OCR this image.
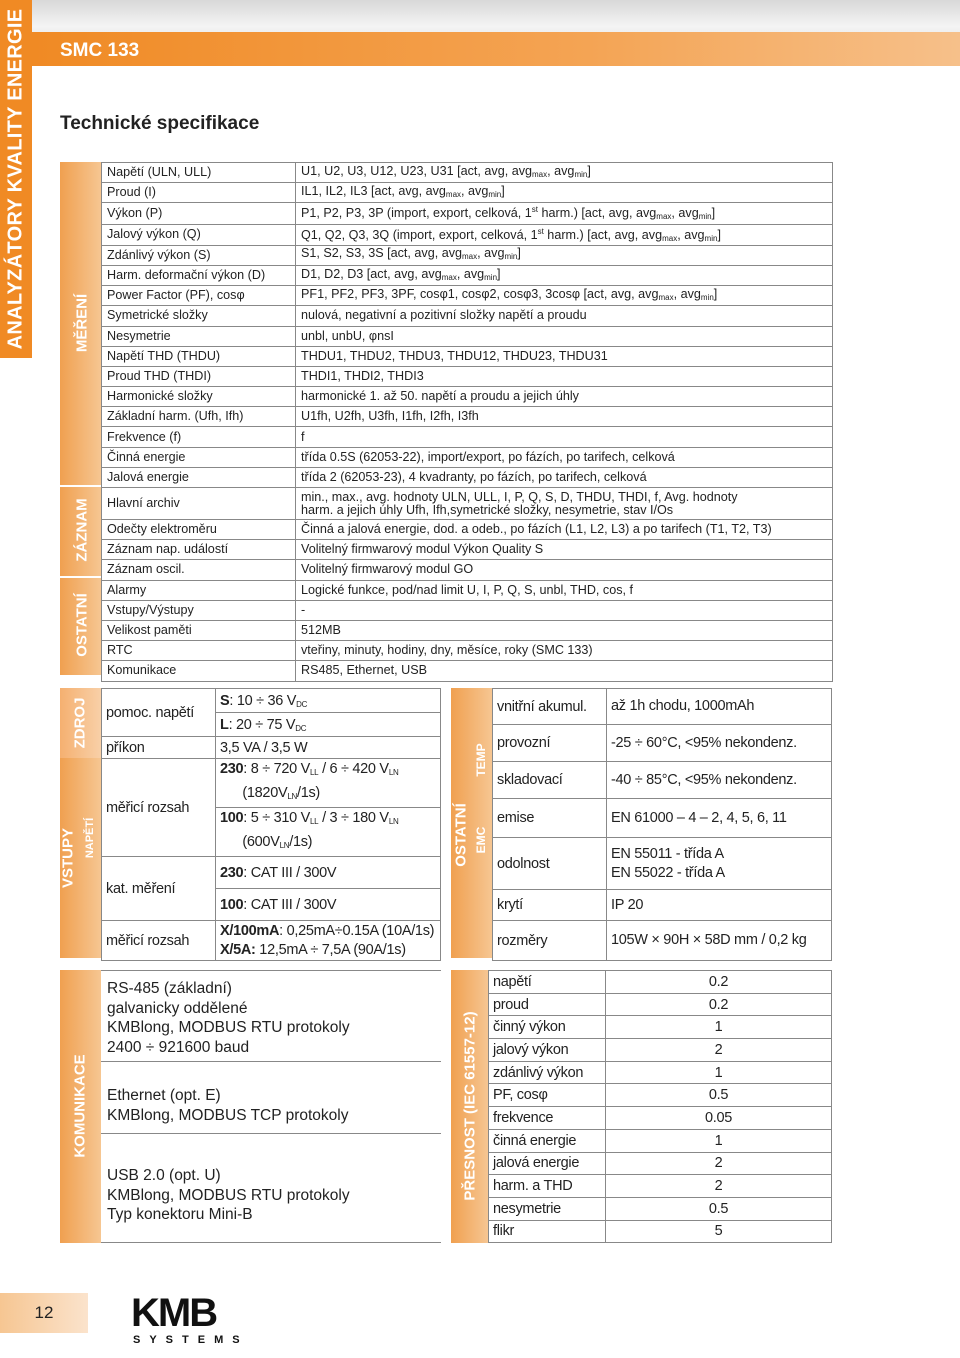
ANALYZÁTORY KVALITY ENERGIE SMC 133
Technické specifikace
MĚŘENÍ
ZÁZNAM
OSTATNÍ
Napětí (ULN, ULL)	U1, U2, U3, U12, U23, U31 [act, avg, avg$_{max}$, avg$_{min}$]
Proud (I)	IL1, IL2, IL3 [act, avg, avg$_{max}$, avg$_{min}$]
Výkon (P)	P1, P2, P3, 3P (import, export, celková, 1st harm.) [act, avg, avg$_{max}$, avg$_{min}$]
Jalový výkon (Q)	Q1, Q2, Q3, 3Q (import, export, celková, 1st harm.) [act, avg, avg$_{max}$, avg$_{min}$]
Zdánlivý výkon (S)	S1, S2, S3, 3S [act, avg, avg$_{max}$, avg$_{min}$]
Harm. deformační výkon (D)	D1, D2, D3 [act, avg, avg$_{max}$, avg$_{min}$]
Power Factor (PF), cosφ	PF1, PF2, PF3, 3PF, cosφ1, cosφ2, cosφ3, 3cosφ [act, avg, avg$_{max}$, avg$_{min}$]
Symetrické složky	nulová, negativní a pozitivní složky napětí a proudu
Nesymetrie	unbl, unbU, φnsI
Napětí THD (THDU)	THDU1, THDU2, THDU3, THDU12, THDU23, THDU31
Proud THD (THDI)	THDI1, THDI2, THDI3
Harmonické složky	harmonické 1. až 50. napětí a proudu a jejich úhly
Základní harm. (Ufh, Ifh)	U1fh, U2fh, U3fh, I1fh, I2fh, I3fh
Frekvence (f)	f
Činná energie	třída 0.5S (62053-22), import/export, po fázích, po tarifech, celková
Jalová energie	třída 2 (62053-23), 4 kvadranty, po fázích, po tarifech, celková
Hlavní archiv	min., max., avg. hodnoty ULN, ULL, I, P, Q, S, D, THDU, THDI, f, Avg. hodnoty
harm. a jejich úhly Ufh, Ifh,symetrické složky, nesymetrie, stav I/Os
Odečty elektroměru	Činná a jalová energie, dod. a odeb., po fázích (L1, L2, L3) a po tarifech (T1, T2, T3)
Záznam nap. událostí	Volitelný firmwarový modul Výkon Quality S
Záznam oscil.	Volitelný firmwarový modul GO
Alarmy	Logické funkce, pod/nad limit U, I, P, Q, S, unbl, THD, cos, f
Vstupy/Výstupy	-
Velikost paměti	512MB
RTC	vteřiny, minuty, hodiny, dny, měsíce, roky (SMC 133)
Komunikace	RS485, Ethernet, USB
VSTUPY
ZDROJ
NAPĚTÍ
pomoc. napětí	S: 10 ÷ 36 $V_{DC}$
	L: 20 ÷ 75 $V_{DC}$
příkon	3,5 VA / 3,5 W
měřicí rozsah	230: 8 ÷ 720 $V_{LL} / 6 \div 420$ $V_{LN}$
$(1820V_{LN}/1s)$
	100: 5 ÷ 310 $V_{LL} / 3 \div 180$ $V_{LN}$
$(600V_{LN}/1s)$
kat. měření	230: CAT III / 300V
	100: CAT III / 300V
měřicí rozsah	X/100mA: 0,25mA÷0.15A (10A/1s)
X/5A: 12,5mA ÷ 7,5A (90A/1s)
OSTATNÍ
TEMP
EMC
vnitřní akumul.	až 1h chodu, 1000mAh
provozní	-25 ÷ 60°C, <95% nekondenz.
skladovací	-40 ÷ 85°C, <95% nekondenz.
emise	EN 61000 – 4 – 2, 4, 5, 6, 11
odolnost	EN 55011 - třída A
EN 55022 - třída A
krytí	IP 20
rozměry	105W × 90H × 58D mm / 0,2 kg
KOMUNIKACE
RS-485 (základní)
galvanicky oddělené
KMBlong, MODBUS RTU protokoly
2400 ÷ 921600 baud
Ethernet (opt. E)
KMBlong, MODBUS TCP protokoly
USB 2.0 (opt. U)
KMBlong, MODBUS RTU protokoly
Typ konektoru Mini-B
PŘESNOST (IEC 61557-12)
napětí	0.2
proud	0.2
činný výkon	1
jalový výkon	2
zdánlivý výkon	1
PF, cosφ	0.5
frekvence	0.05
činná energie	1
jalová energie	2
harm. a THD	2
nesymetrie	0.5
flikr	5
12	KMB
SYSTEMS
